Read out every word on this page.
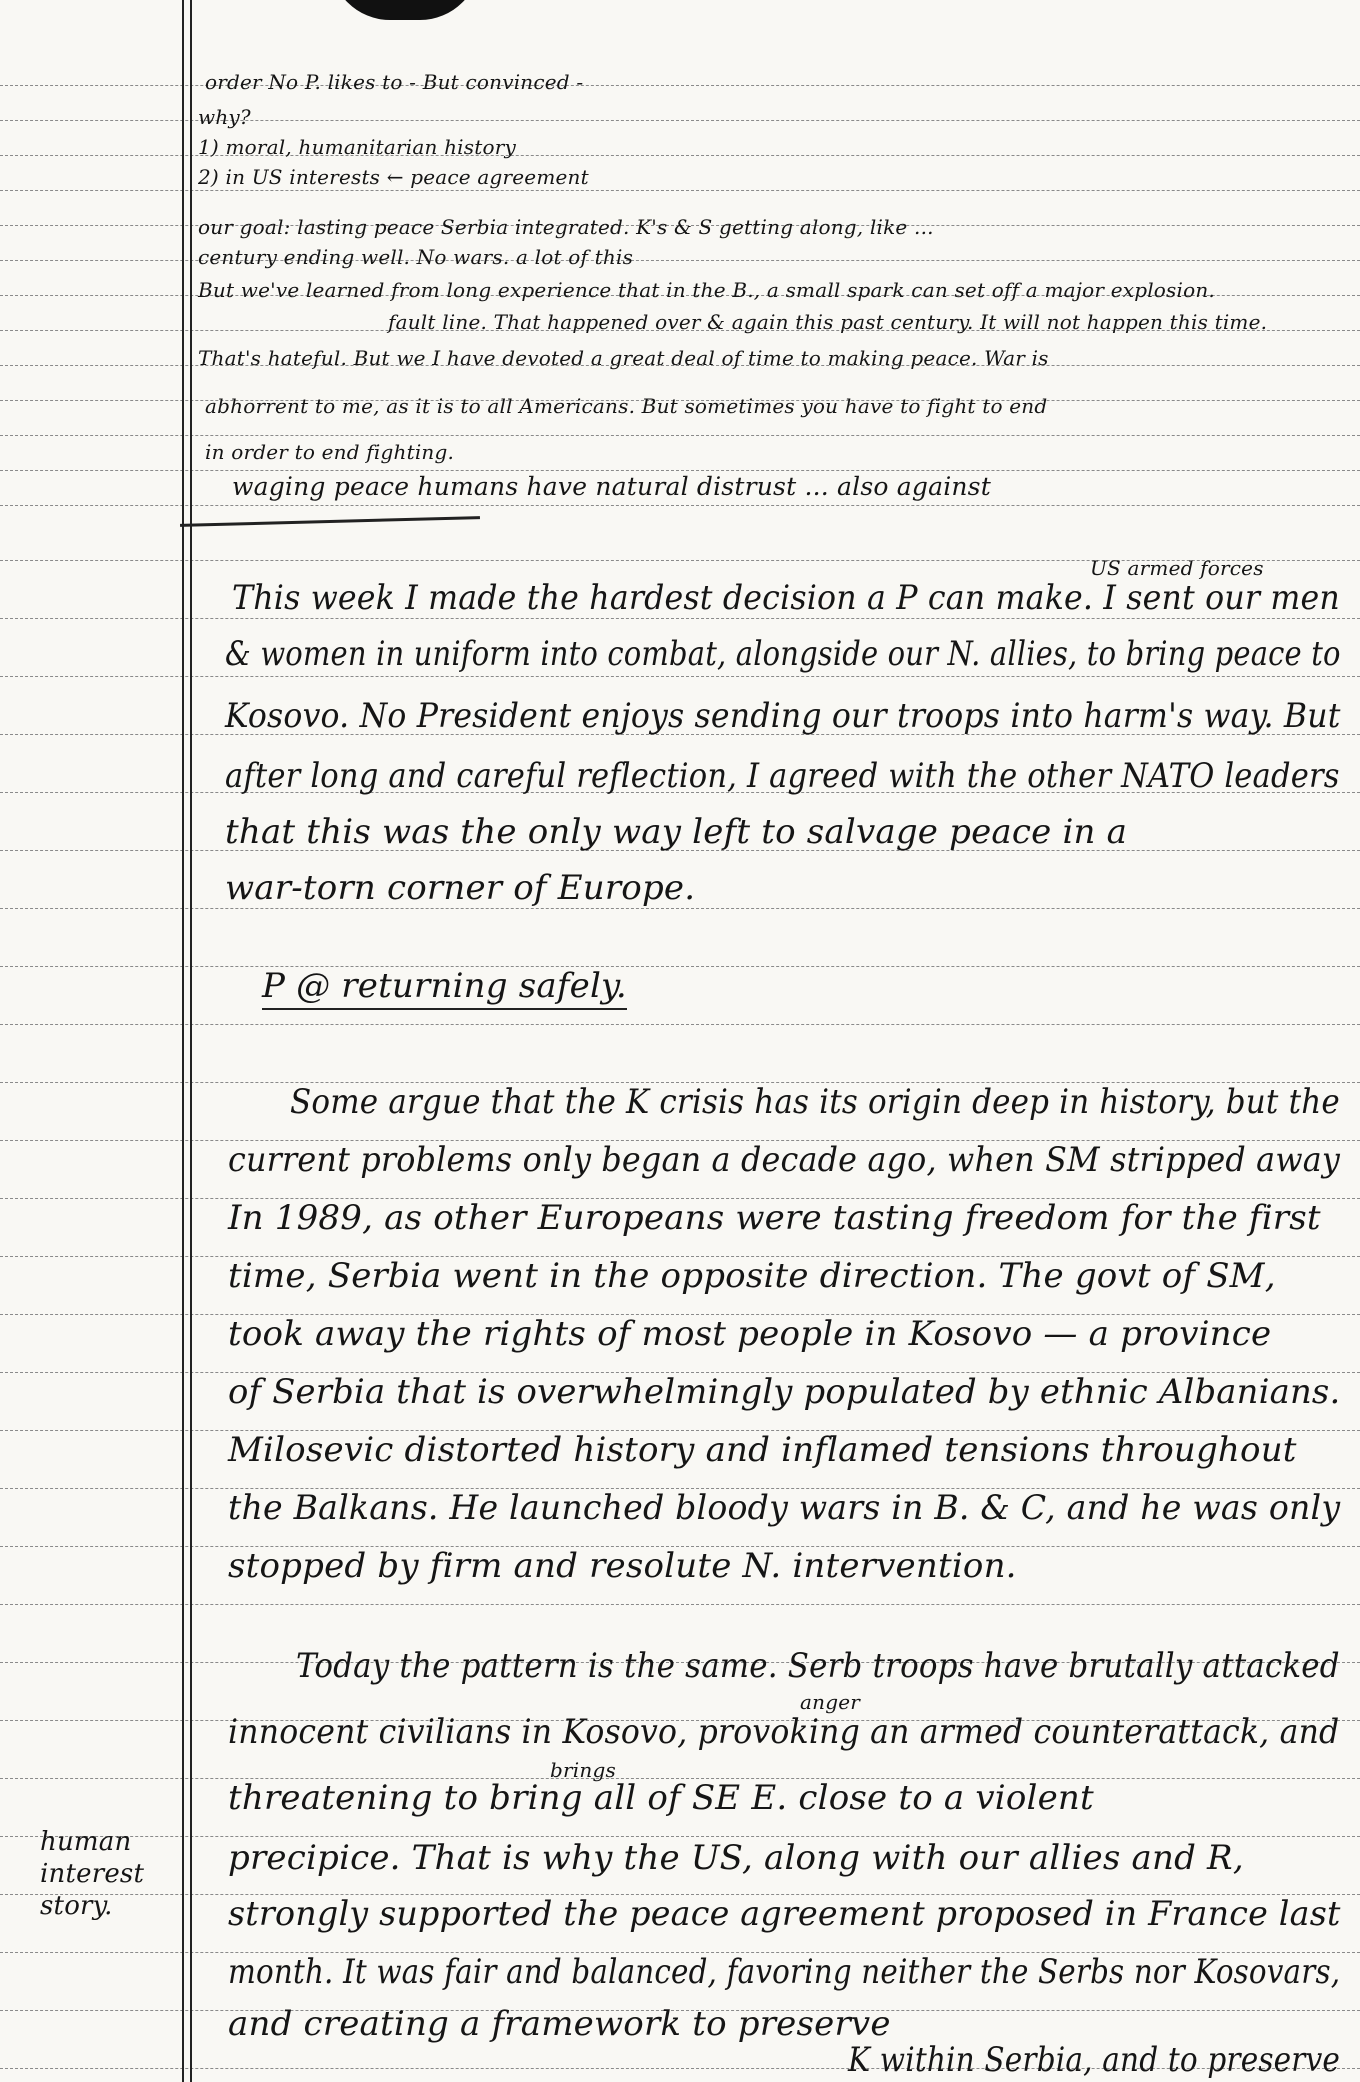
order No P. likes to - But convinced -
why?
1) moral, humanitarian history
2) in US interests ← peace agreement
our goal: lasting peace Serbia integrated. K's & S getting along, like ...
century ending well. No wars. a lot of this
But we've learned from long experience that in the B., a small spark can set off a major explosion.
fault line. That happened over & again this past century. It will not happen this time.
That's hateful. But we I have devoted a great deal of time to making peace. War is
abhorrent to me, as it is to all Americans. But sometimes you have to fight to end
in order to end fighting.
waging peace humans have natural distrust ... also against
US armed forces
This week I made the hardest decision a P can make. I sent our men
& women in uniform into combat, alongside our N. allies, to bring peace to
Kosovo. No President enjoys sending our troops into harm's way. But
after long and careful reflection, I agreed with the other NATO leaders
that this was the only way left to salvage peace in a
war-torn corner of Europe.
P @ returning safely.
Some argue that the K crisis has its origin deep in history, but the
current problems only began a decade ago, when SM stripped away
In 1989, as other Europeans were tasting freedom for the first
time, Serbia went in the opposite direction. The govt of SM,
took away the rights of most people in Kosovo — a province
of Serbia that is overwhelmingly populated by ethnic Albanians.
Milosevic distorted history and inflamed tensions throughout
the Balkans. He launched bloody wars in B. & C, and he was only
stopped by firm and resolute N. intervention.
Today the pattern is the same. Serb troops have brutally attacked
anger
innocent civilians in Kosovo, provoking an armed counterattack, and
brings
threatening to bring all of SE E. close to a violent
precipice. That is why the US, along with our allies and R,
strongly supported the peace agreement proposed in France last
month. It was fair and balanced, favoring neither the Serbs nor Kosovars,
and creating a framework to preserve
K within Serbia, and to preserve
human interest story.
